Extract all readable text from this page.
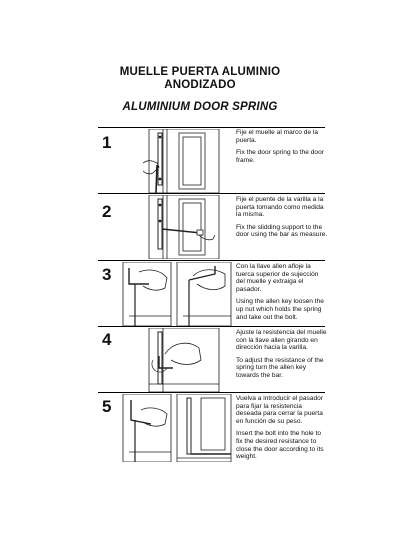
MUELLE PUERTA ALUMINIO
ANODIZADO
ALUMINIUM DOOR SPRING
1

Fije el muelle al marco de la puerta.

Fix the door spring to the door frame.

2

Fije el puente de la varilla a la puerta tomando como medida la misma.

Fix the slidding support to the door using the bar as measure.

3	Con la llave allen afloje la tuerca superior de sujección del muelle y extraiga el pasador.

Using the allen key loosen the up nut which holds the spring and take out the bolt.

4	Ajuste la resistencia del muelle con la llave allen girando en dirección hacia la varilla.

To adjust the resistance of the spring turn the allen key towards the bar.

5	Vuelva a introducir el pasador para fijar la resistencia deseada para cerrar la puerta en función de su peso.

Insert the bolt into the hole to fix the desired resistance to close the door according to its weight.
